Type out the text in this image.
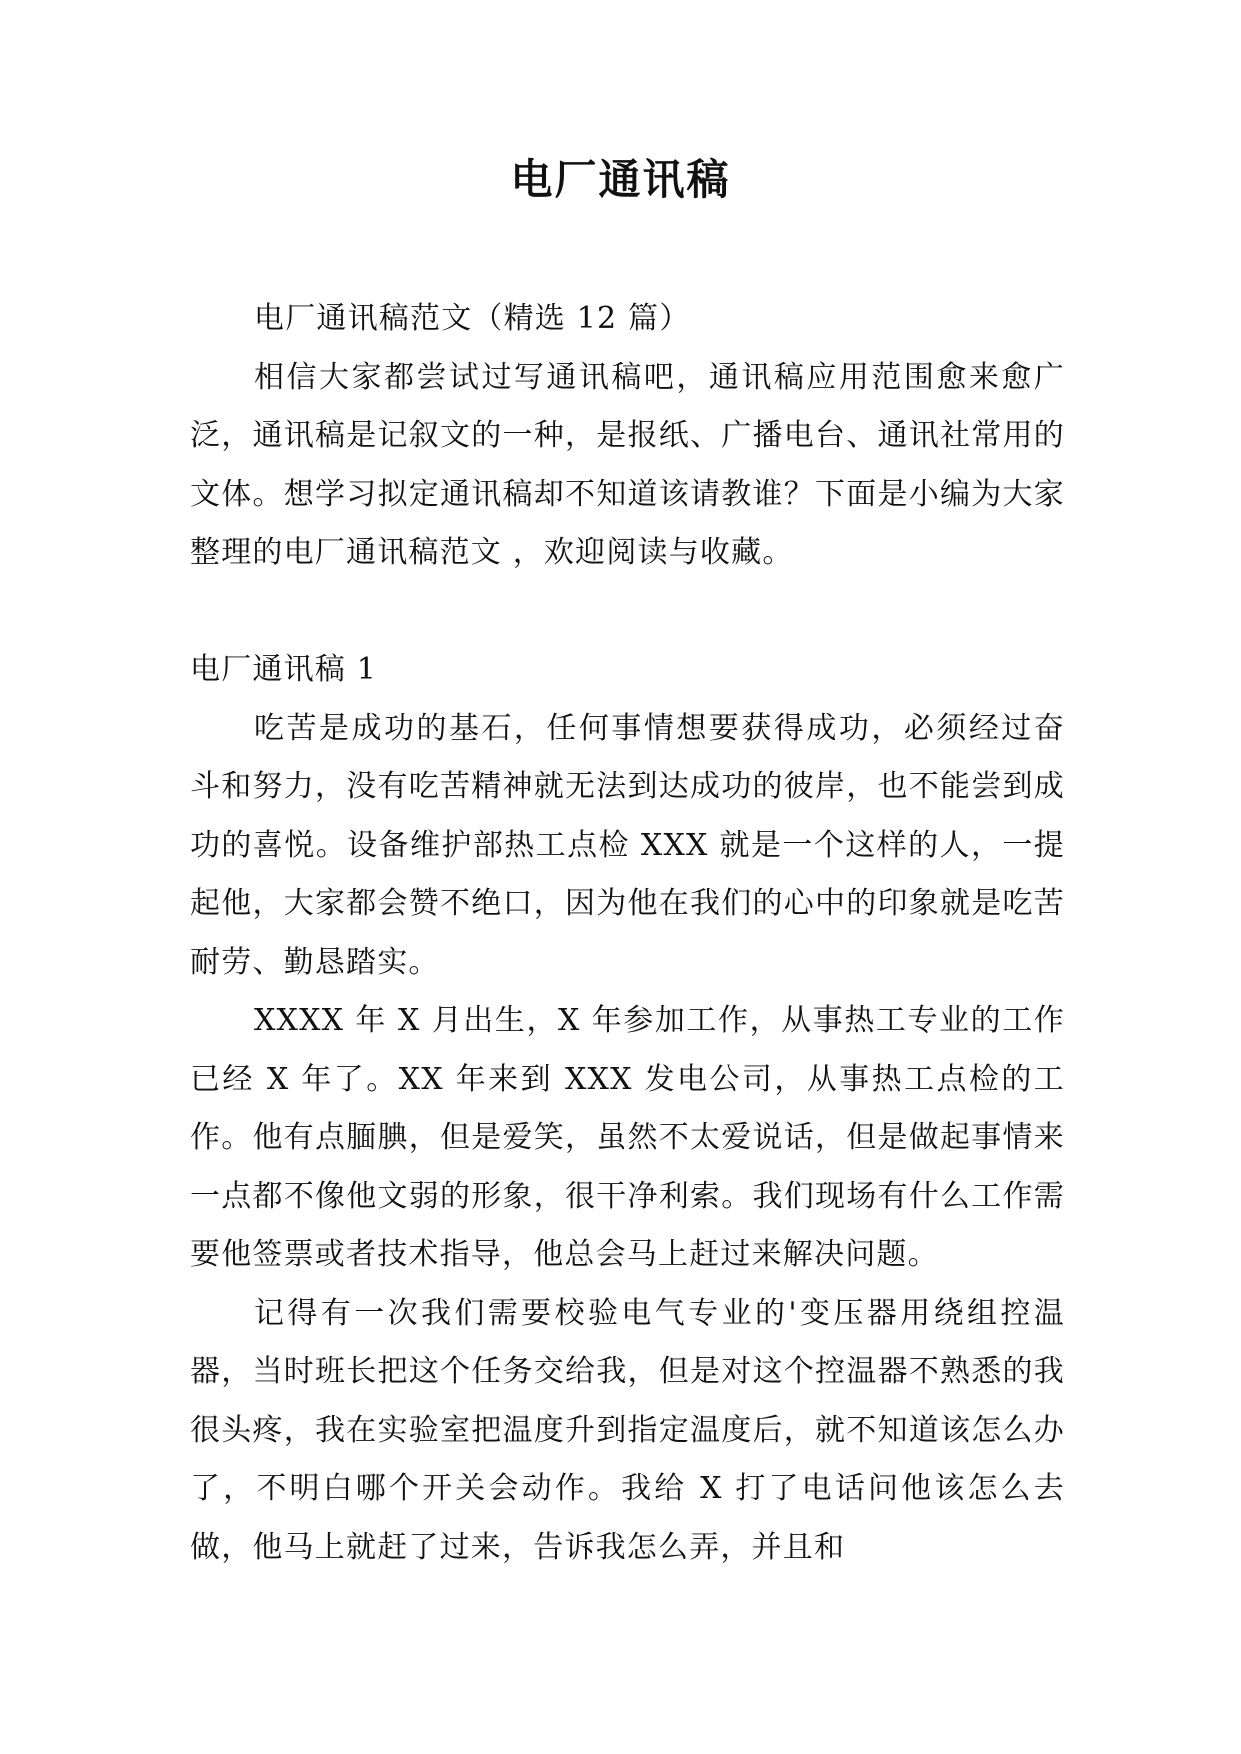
电厂通讯稿

电厂通讯稿范文（精选 12 篇）

相信大家都尝试过写通讯稿吧，通讯稿应用范围愈来愈广泛，通讯稿是记叙文的一种，是报纸、广播电台、通讯社常用的文体。想学习拟定通讯稿却不知道该请教谁？下面是小编为大家整理的电厂通讯稿范文 ，欢迎阅读与收藏。

电厂通讯稿 1

吃苦是成功的基石，任何事情想要获得成功，必须经过奋斗和努力，没有吃苦精神就无法到达成功的彼岸，也不能尝到成功的喜悦。设备维护部热工点检 XXX 就是一个这样的人，一提起他，大家都会赞不绝口，因为他在我们的心中的印象就是吃苦耐劳、勤恳踏实。

XXXX 年 X 月出生，X 年参加工作，从事热工专业的工作已经 X 年了。XX 年来到 XXX 发电公司，从事热工点检的工作。他有点腼腆，但是爱笑，虽然不太爱说话，但是做起事情来一点都不像他文弱的形象，很干净利索。我们现场有什么工作需要他签票或者技术指导，他总会马上赶过来解决问题。

记得有一次我们需要校验电气专业的'变压器用绕组控温器，当时班长把这个任务交给我，但是对这个控温器不熟悉的我很头疼，我在实验室把温度升到指定温度后，就不知道该怎么办了，不明白哪个开关会动作。我给 X 打了电话问他该怎么去做，他马上就赶了过来，告诉我怎么弄，并且和
